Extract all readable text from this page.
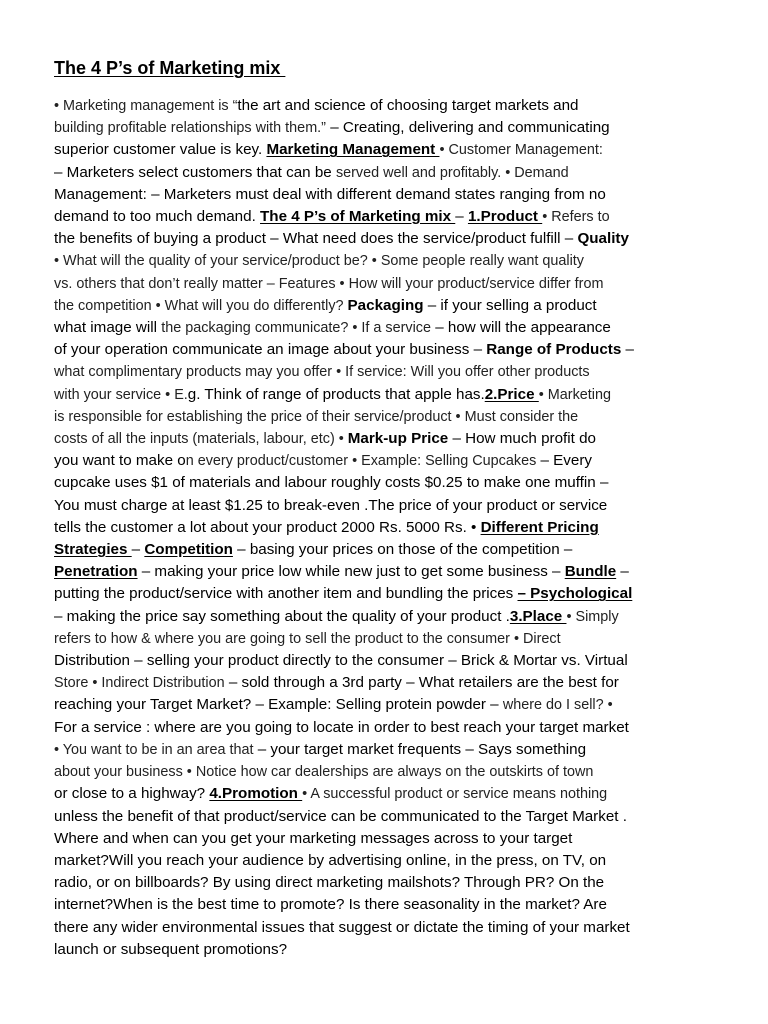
The 4 P’s of Marketing mix
• Marketing management is “the art and science of choosing target markets and
building profitable relationships with them.” – Creating, delivering and communicating
superior customer value is key. Marketing Management • Customer Management:
– Marketers select customers that can be served well and profitably. • Demand
Management: – Marketers must deal with different demand states ranging from no
demand to too much demand. The 4 P’s of Marketing mix – 1.Product • Refers to
the benefits of buying a product – What need does the service/product fulfill – Quality
• What will the quality of your service/product be? • Some people really want quality
vs. others that don’t really matter – Features • How will your product/service differ from
the competition • What will you do differently? Packaging – if your selling a product
what image will the packaging communicate? • If a service – how will the appearance
of your operation communicate an image about your business – Range of Products –
what complimentary products may you offer • If service: Will you offer other products
with your service • E.g. Think of range of products that apple has.2.Price • Marketing
is responsible for establishing the price of their service/product • Must consider the
costs of all the inputs (materials, labour, etc) • Mark-up Price – How much profit do
you want to make on every product/customer • Example: Selling Cupcakes – Every
cupcake uses $1 of materials and labour roughly costs $0.25 to make one muffin –
You must charge at least $1.25 to break-even .The price of your product or service
tells the customer a lot about your product 2000 Rs. 5000 Rs. • Different Pricing
Strategies – Competition – basing your prices on those of the competition –
Penetration – making your price low while new just to get some business – Bundle –
putting the product/service with another item and bundling the prices – Psychological
– making the price say something about the quality of your product .3.Place • Simply
refers to how & where you are going to sell the product to the consumer • Direct
Distribution – selling your product directly to the consumer – Brick & Mortar vs. Virtual
Store • Indirect Distribution – sold through a 3rd party – What retailers are the best for
reaching your Target Market? – Example: Selling protein powder – where do I sell? •
For a service : where are you going to locate in order to best reach your target market
• You want to be in an area that – your target market frequents – Says something
about your business • Notice how car dealerships are always on the outskirts of town
or close to a highway? 4.Promotion • A successful product or service means nothing
unless the benefit of that product/service can be communicated to the Target Market .
Where and when can you get your marketing messages across to your target
market?Will you reach your audience by advertising online, in the press, on TV, on
radio, or on billboards? By using direct marketing mailshots? Through PR? On the
internet?When is the best time to promote? Is there seasonality in the market? Are
there any wider environmental issues that suggest or dictate the timing of your market
launch or subsequent promotions?
